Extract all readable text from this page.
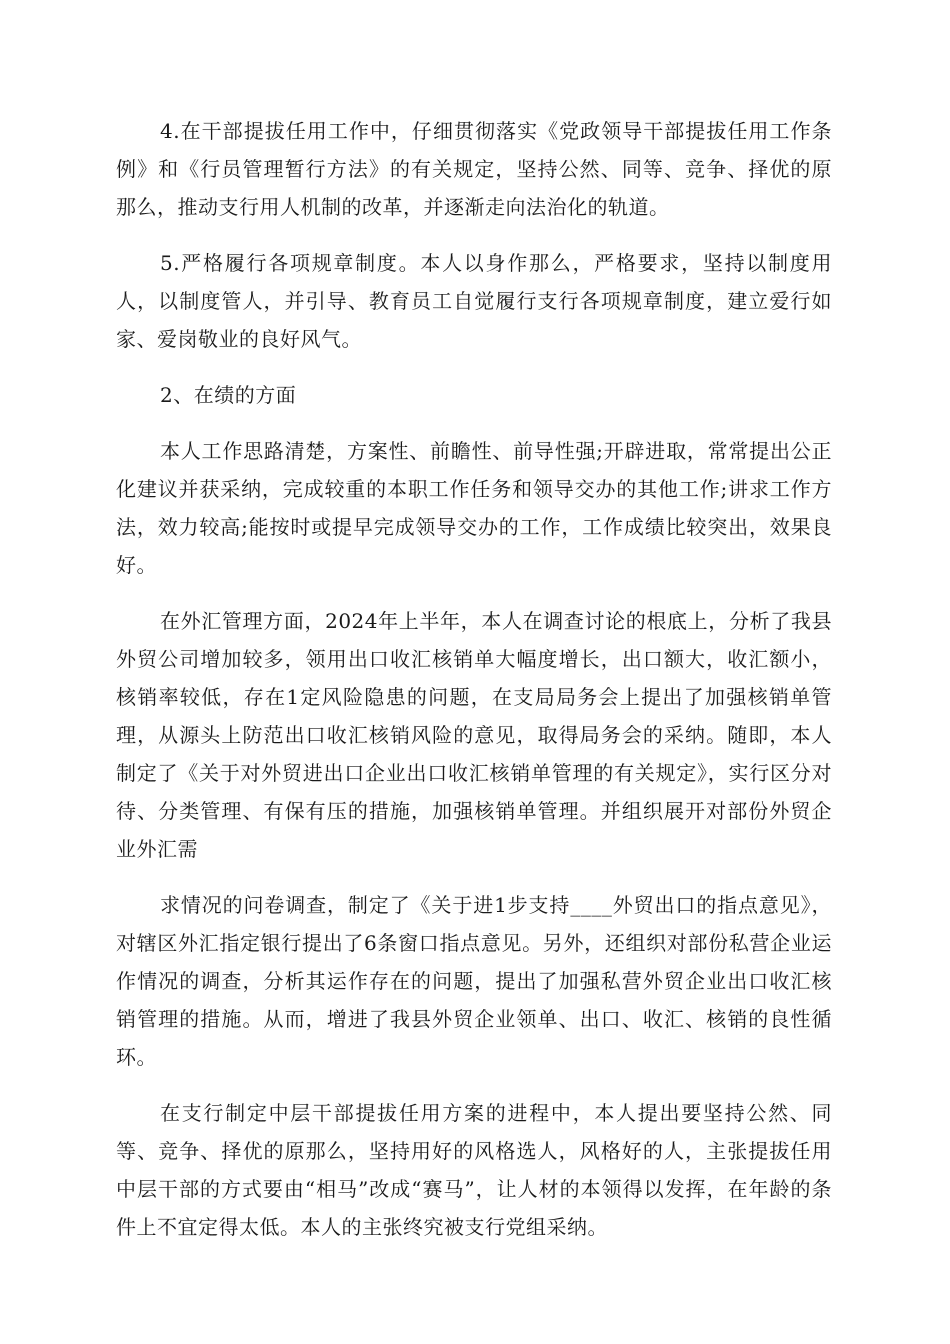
4.在干部提拔任用工作中，仔细贯彻落实《党政领导干部提拔任用工作条例》和《行员管理暂行方法》的有关规定，坚持公然、同等、竞争、择优的原那么，推动支行用人机制的改革，并逐渐走向法治化的轨道。

5.严格履行各项规章制度。本人以身作那么，严格要求，坚持以制度用人，以制度管人，并引导、教育员工自觉履行支行各项规章制度，建立爱行如家、爱岗敬业的良好风气。

2、在绩的方面

本人工作思路清楚，方案性、前瞻性、前导性强;开辟进取，常常提出公正化建议并获采纳，完成较重的本职工作任务和领导交办的其他工作;讲求工作方法，效力较高;能按时或提早完成领导交办的工作，工作成绩比较突出，效果良好。

在外汇管理方面，2024年上半年，本人在调查讨论的根底上，分析了我县外贸公司增加较多，领用出口收汇核销单大幅度增长，出口额大，收汇额小，核销率较低，存在1定风险隐患的问题，在支局局务会上提出了加强核销单管理，从源头上防范出口收汇核销风险的意见，取得局务会的采纳。随即，本人制定了《关于对外贸进出口企业出口收汇核销单管理的有关规定》，实行区分对待、分类管理、有保有压的措施，加强核销单管理。并组织展开对部份外贸企业外汇需

求情况的问卷调查，制定了《关于进1步支持____外贸出口的指点意见》，对辖区外汇指定银行提出了6条窗口指点意见。另外，还组织对部份私营企业运作情况的调查，分析其运作存在的问题，提出了加强私营外贸企业出口收汇核销管理的措施。从而，增进了我县外贸企业领单、出口、收汇、核销的良性循环。

在支行制定中层干部提拔任用方案的进程中，本人提出要坚持公然、同等、竞争、择优的原那么，坚持用好的风格选人，风格好的人，主张提拔任用中层干部的方式要由“相马”改成“赛马”，让人材的本领得以发挥，在年龄的条件上不宜定得太低。本人的主张终究被支行党组采纳。
